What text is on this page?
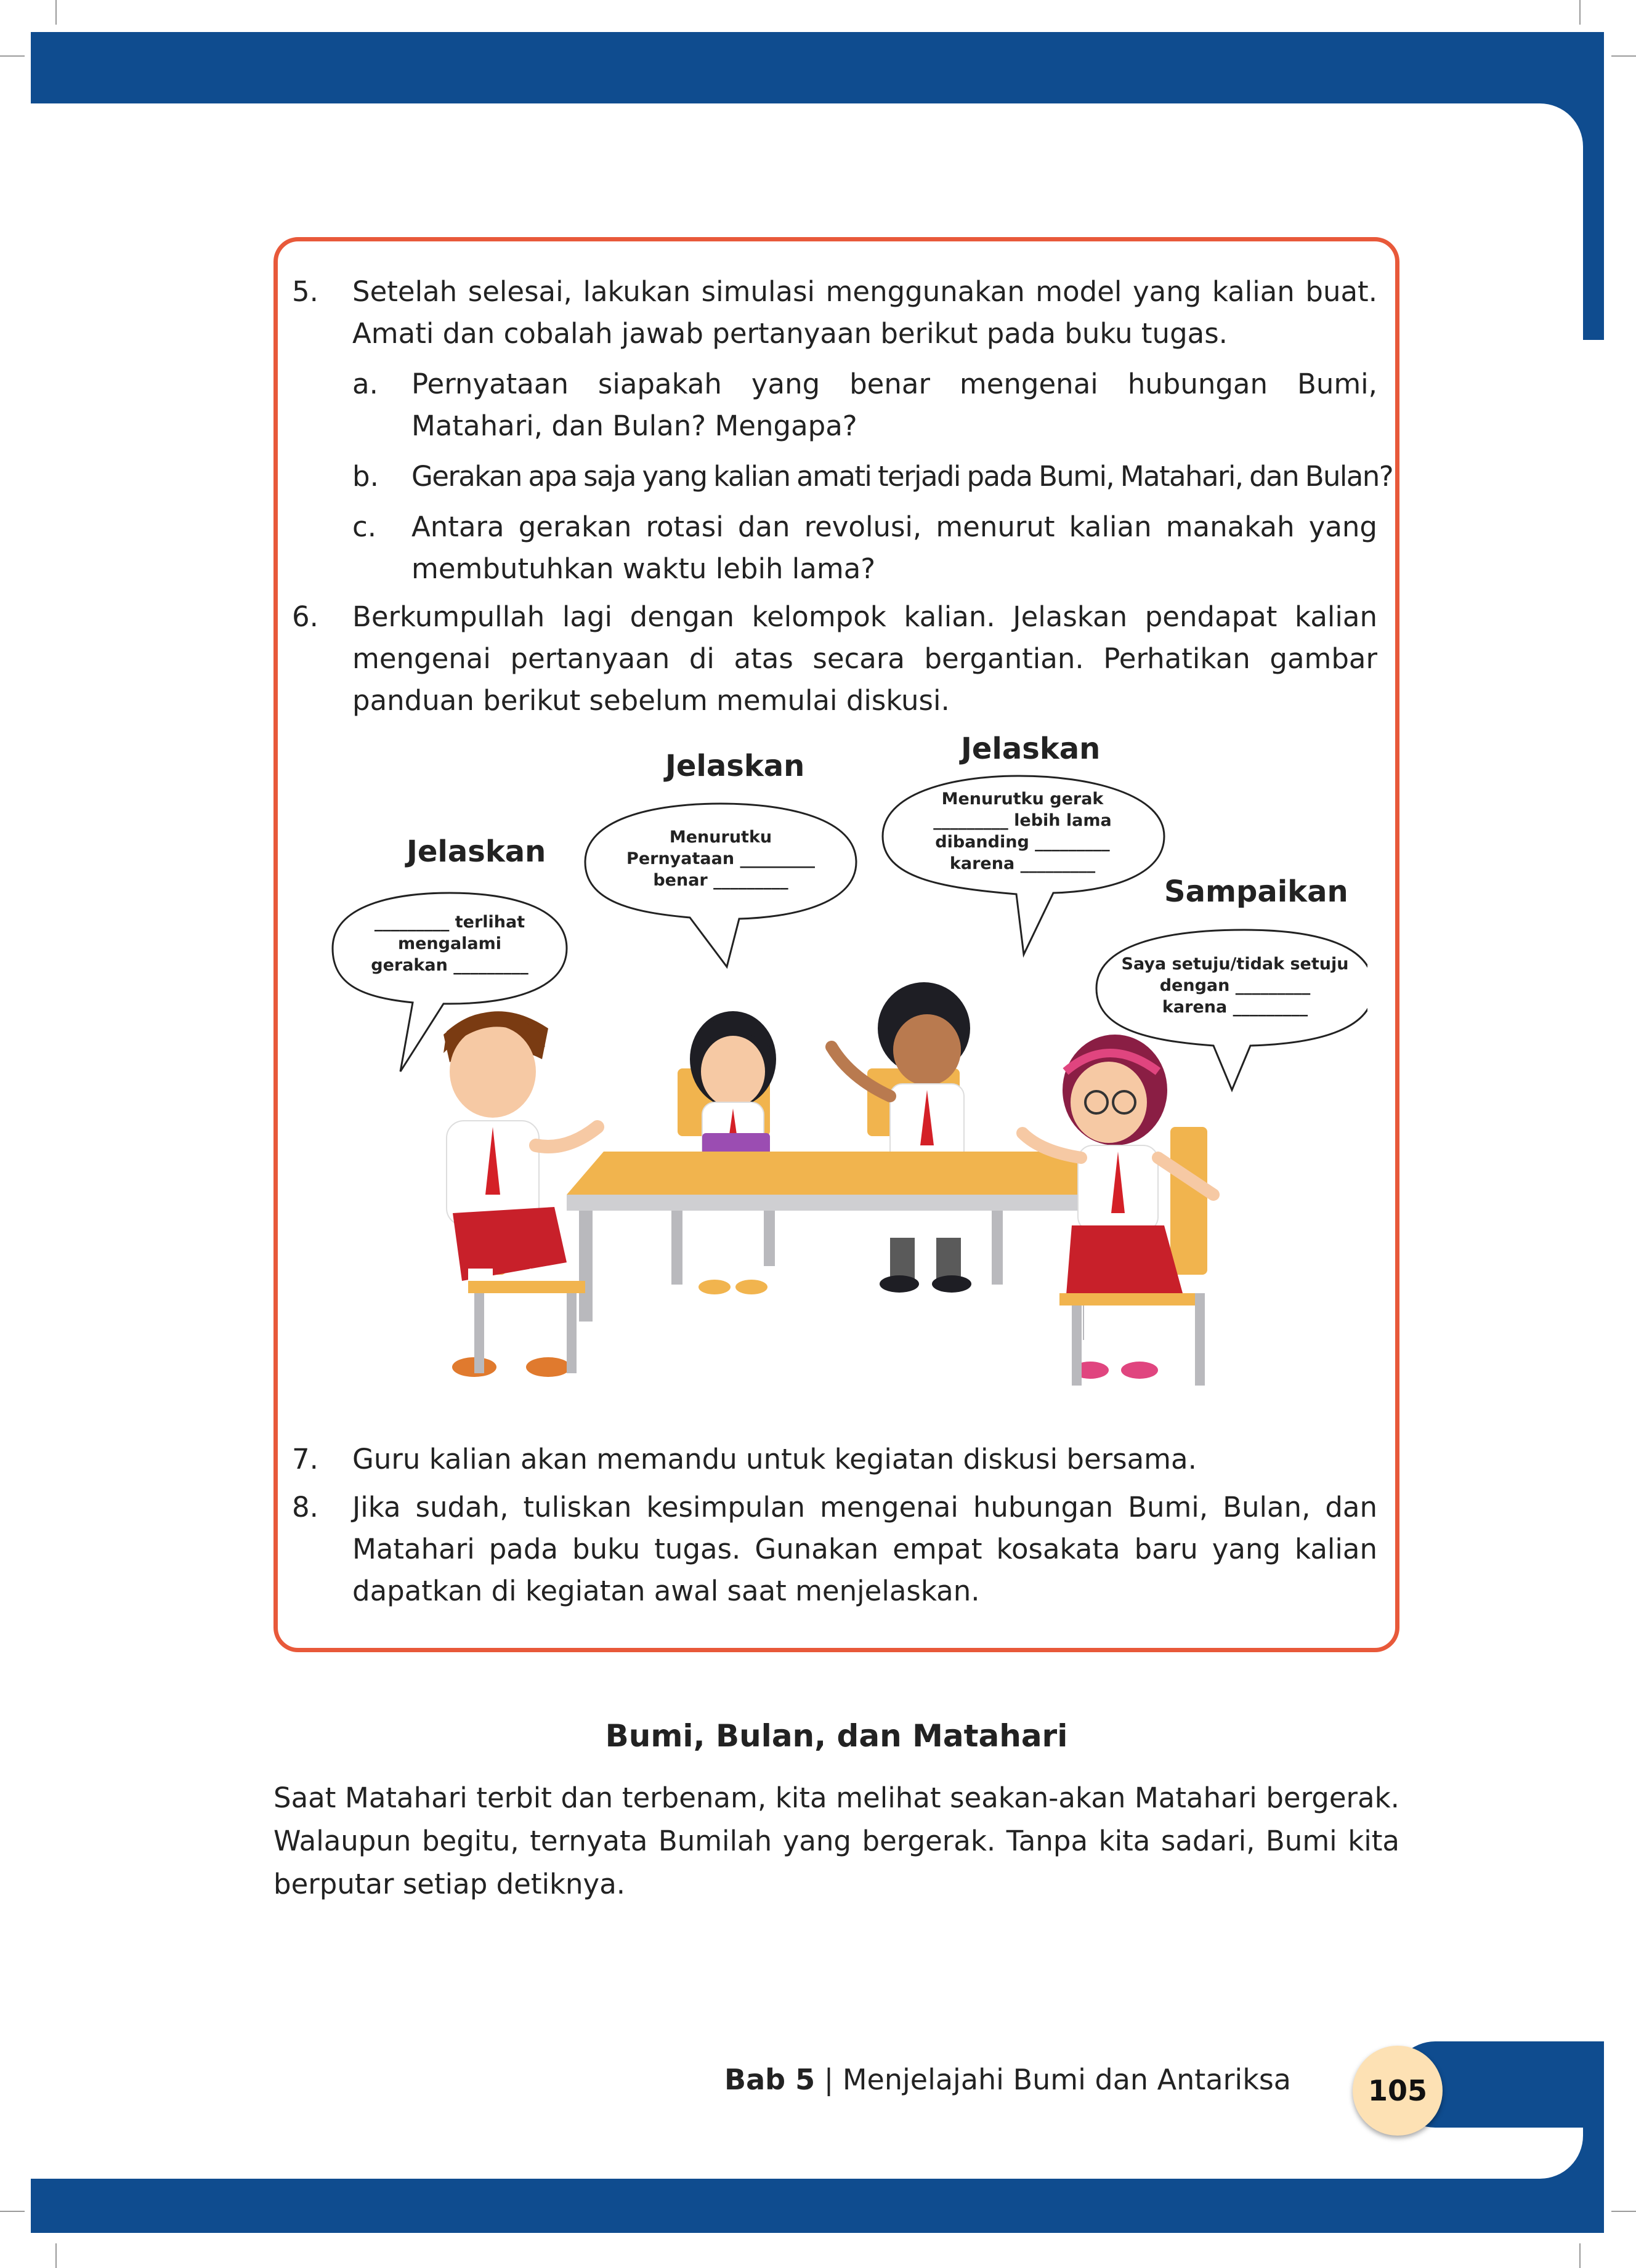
5. Setelah selesai, lakukan simulasi menggunakan model yang kalian buat. Amati dan cobalah jawab pertanyaan berikut pada buku tugas.
a. Pernyataan siapakah yang benar mengenai hubungan Bumi, Matahari, dan Bulan? Mengapa?
b. Gerakan apa saja yang kalian amati terjadi pada Bumi, Matahari, dan Bulan?
c. Antara gerakan rotasi dan revolusi, menurut kalian manakah yang membutuhkan waktu lebih lama?
6. Berkumpullah lagi dengan kelompok kalian. Jelaskan pendapat kalian mengenai pertanyaan di atas secara bergantian. Perhatikan gambar panduan berikut sebelum memulai diskusi.
Jelaskan
Jelaskan	Jelaskan
Sampaikan
_________ terlihat
mengalami
gerakan _________
Menurutku
Pernyataan _________
benar _________
Menurutku gerak
_________ lebih lama
dibanding _________
karena _________
Saya setuju/tidak setuju
dengan _________
karena _________
7. Guru kalian akan memandu untuk kegiatan diskusi bersama.
8. Jika sudah, tuliskan kesimpulan mengenai hubungan Bumi, Bulan, dan Matahari pada buku tugas. Gunakan empat kosakata baru yang kalian dapatkan di kegiatan awal saat menjelaskan.
Bumi, Bulan, dan Matahari
Saat Matahari terbit dan terbenam, kita melihat seakan-akan Matahari bergerak. Walaupun begitu, ternyata Bumilah yang bergerak. Tanpa kita sadari, Bumi kita berputar setiap detiknya.
Bab 5 | Menjelajahi Bumi dan Antariksa	105
